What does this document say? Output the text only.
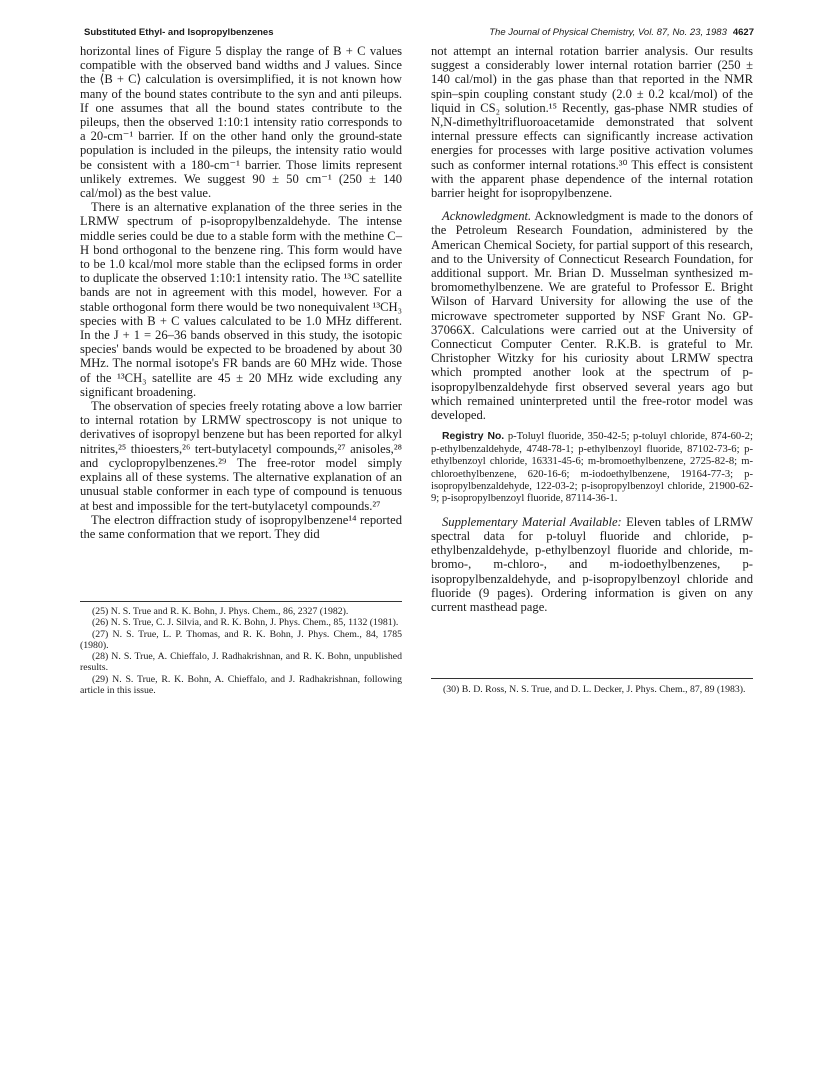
Substituted Ethyl- and Isopropylbenzenes	The Journal of Physical Chemistry, Vol. 87, No. 23, 1983 4627

horizontal lines of Figure 5 display the range of B + C values compatible with the observed band widths and J values. Since the ⟨B + C⟩ calculation is oversimplified, it is not known how many of the bound states contribute to the syn and anti pileups. If one assumes that all the bound states contribute to the pileups, then the observed 1:10:1 intensity ratio corresponds to a 20-cm⁻¹ barrier. If on the other hand only the ground-state population is included in the pileups, the intensity ratio would be consistent with a 180-cm⁻¹ barrier. Those limits represent unlikely extremes. We suggest 90 ± 50 cm⁻¹ (250 ± 140 cal/mol) as the best value.

There is an alternative explanation of the three series in the LRMW spectrum of p-isopropylbenzaldehyde. The intense middle series could be due to a stable form with the methine C–H bond orthogonal to the benzene ring. This form would have to be 1.0 kcal/mol more stable than the eclipsed forms in order to duplicate the observed 1:10:1 intensity ratio. The ¹³C satellite bands are not in agreement with this model, however. For a stable orthogonal form there would be two nonequivalent ¹³CH₃ species with B + C values calculated to be 1.0 MHz different. In the J + 1 = 26–36 bands observed in this study, the isotopic species' bands would be expected to be broadened by about 30 MHz. The normal isotope's FR bands are 60 MHz wide. Those of the ¹³CH₃ satellite are 45 ± 20 MHz wide excluding any significant broadening.

The observation of species freely rotating above a low barrier to internal rotation by LRMW spectroscopy is not unique to derivatives of isopropyl benzene but has been reported for alkyl nitrites,²⁵ thioesters,²⁶ tert-butylacetyl compounds,²⁷ anisoles,²⁸ and cyclopropylbenzenes.²⁹ The free-rotor model simply explains all of these systems. The alternative explanation of an unusual stable conformer in each type of compound is tenuous at best and impossible for the tert-butylacetyl compounds.²⁷

The electron diffraction study of isopropylbenzene¹⁴ reported the same conformation that we report. They did

(25) N. S. True and R. K. Bohn, J. Phys. Chem., 86, 2327 (1982).

(26) N. S. True, C. J. Silvia, and R. K. Bohn, J. Phys. Chem., 85, 1132 (1981).

(27) N. S. True, L. P. Thomas, and R. K. Bohn, J. Phys. Chem., 84, 1785 (1980).

(28) N. S. True, A. Chieffalo, J. Radhakrishnan, and R. K. Bohn, unpublished results.

(29) N. S. True, R. K. Bohn, A. Chieffalo, and J. Radhakrishnan, following article in this issue.

not attempt an internal rotation barrier analysis. Our results suggest a considerably lower internal rotation barrier (250 ± 140 cal/mol) in the gas phase than that reported in the NMR spin–spin coupling constant study (2.0 ± 0.2 kcal/mol) of the liquid in CS₂ solution.¹⁵ Recently, gas-phase NMR studies of N,N-dimethyltrifluoroacetamide demonstrated that solvent internal pressure effects can significantly increase activation energies for processes with large positive activation volumes such as conformer internal rotations.³⁰ This effect is consistent with the apparent phase dependence of the internal rotation barrier height for isopropylbenzene.

Acknowledgment. Acknowledgment is made to the donors of the Petroleum Research Foundation, administered by the American Chemical Society, for partial support of this research, and to the University of Connecticut Research Foundation, for additional support. Mr. Brian D. Musselman synthesized m-bromomethylbenzene. We are grateful to Professor E. Bright Wilson of Harvard University for allowing the use of the microwave spectrometer supported by NSF Grant No. GP-37066X. Calculations were carried out at the University of Connecticut Computer Center. R.K.B. is grateful to Mr. Christopher Witzky for his curiosity about LRMW spectra which prompted another look at the spectrum of p-isopropylbenzaldehyde first observed several years ago but which remained uninterpreted until the free-rotor model was developed.

Registry No. p-Toluyl fluoride, 350-42-5; p-toluyl chloride, 874-60-2; p-ethylbenzaldehyde, 4748-78-1; p-ethylbenzoyl fluoride, 87102-73-6; p-ethylbenzoyl chloride, 16331-45-6; m-bromoethylbenzene, 2725-82-8; m-chloroethylbenzene, 620-16-6; m-iodoethylbenzene, 19164-77-3; p-isopropylbenzaldehyde, 122-03-2; p-isopropylbenzoyl chloride, 21900-62-9; p-isopropylbenzoyl fluoride, 87114-36-1.

Supplementary Material Available: Eleven tables of LRMW spectral data for p-toluyl fluoride and chloride, p-ethylbenzaldehyde, p-ethylbenzoyl fluoride and chloride, m-bromo-, m-chloro-, and m-iodoethylbenzenes, p-isopropylbenzaldehyde, and p-isopropylbenzoyl chloride and fluoride (9 pages). Ordering information is given on any current masthead page.

(30) B. D. Ross, N. S. True, and D. L. Decker, J. Phys. Chem., 87, 89 (1983).
